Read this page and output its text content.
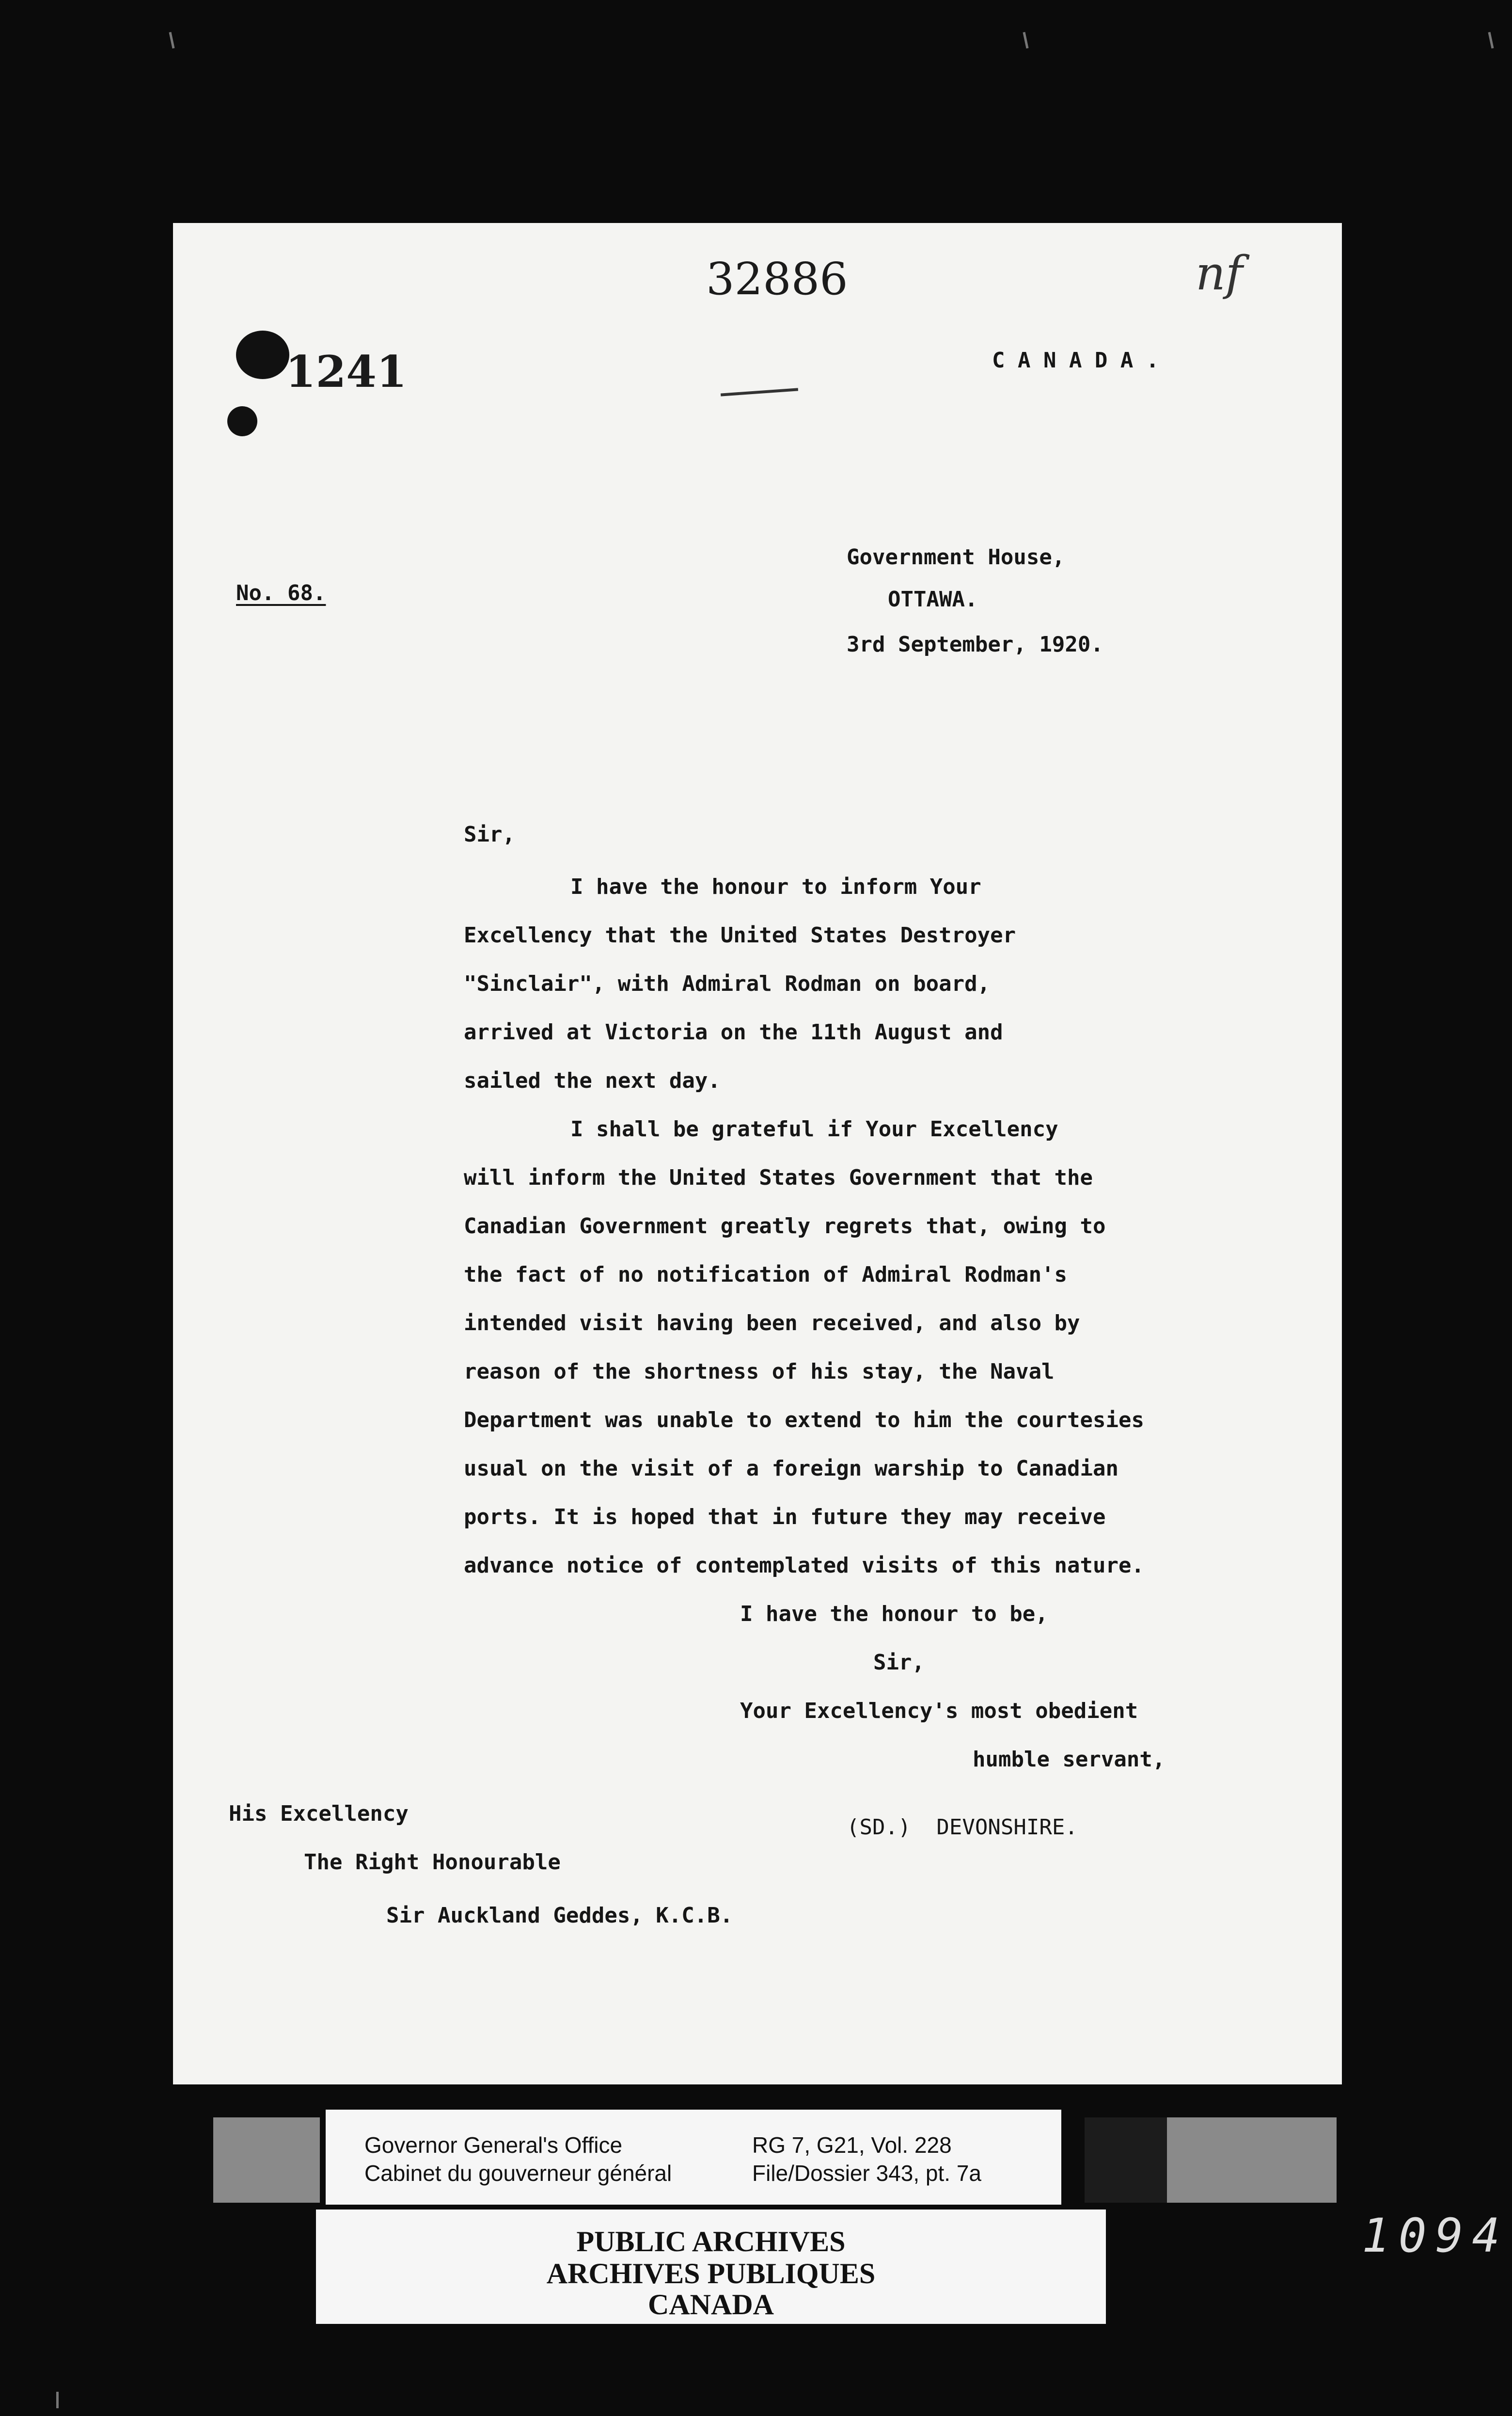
32886
1241
nf
C A N A D A .
No. 68.
Government House,
OTTAWA.
3rd September, 1920.
Sir,
I have the honour to inform Your
Excellency that the United States Destroyer
"Sinclair", with Admiral Rodman on board,
arrived at Victoria on the 11th August and
sailed the next day.
I shall be grateful if Your Excellency
will inform the United States Government that the
Canadian Government greatly regrets that, owing to
the fact of no notification of Admiral Rodman's
intended visit having been received, and also by
reason of the shortness of his stay, the Naval
Department was unable to extend to him the courtesies
usual on the visit of a foreign warship to Canadian
ports. It is hoped that in future they may receive
advance notice of contemplated visits of this nature.
I have the honour to be,
Sir,
Your Excellency's most obedient
humble servant,
(SD.)  DEVONSHIRE.
His Excellency
The Right Honourable
Sir Auckland Geddes, K.C.B.
Governor General's Office
Cabinet du gouverneur général
RG 7, G21, Vol. 228
File/Dossier 343, pt. 7a
PUBLIC ARCHIVES
ARCHIVES PUBLIQUES
CANADA
1094
